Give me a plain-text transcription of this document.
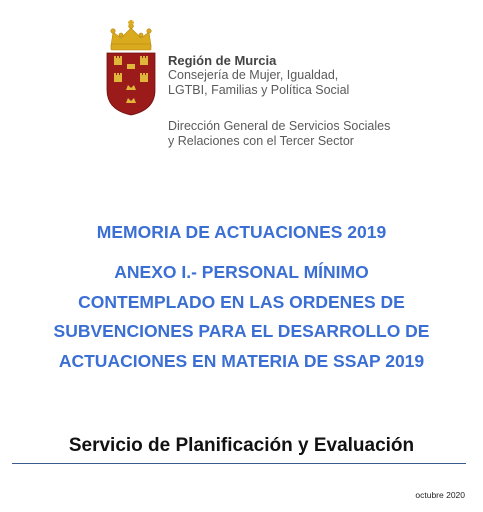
Región de Murcia
Consejería de Mujer, Igualdad,
LGTBI, Familias y Política Social
Dirección General de Servicios Sociales
y Relaciones con el Tercer Sector
MEMORIA DE ACTUACIONES 2019
ANEXO I.- PERSONAL MÍNIMO
CONTEMPLADO EN LAS ORDENES DE
SUBVENCIONES PARA EL DESARROLLO DE
ACTUACIONES EN MATERIA DE SSAP 2019
Servicio de Planificación y Evaluación
octubre 2020
